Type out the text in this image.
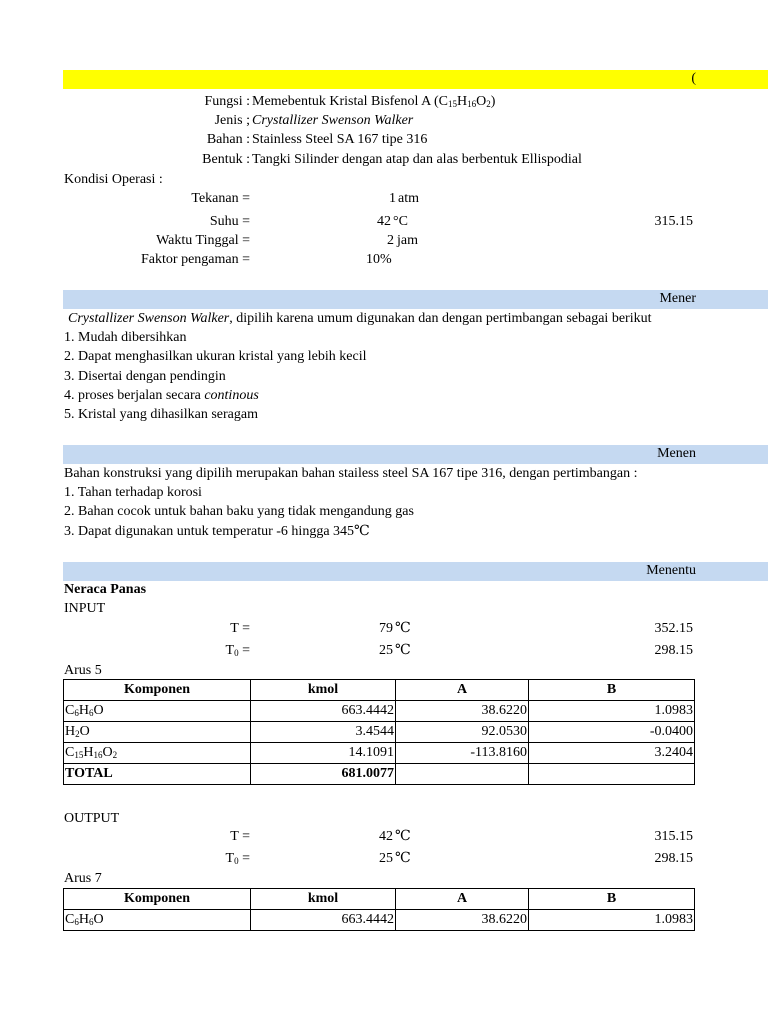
(
Fungsi : Memebentuk Kristal Bisfenol A $(C_{15}H_{16}O_2)$
Jenis ; Crystallizer Swenson Walker
Bahan : Stainless Steel SA 167 tipe 316
Bentuk : Tangki Silinder dengan atap dan alas berbentuk Ellispodial
Kondisi Operasi :
Tekanan =	1 atm
Suhu =	42 °C	315.15
Waktu Tinggal =	2 jam
Faktor pengaman =	10%
Mener
Crystallizer Swenson Walker, dipilih karena umum digunakan dan dengan pertimbangan sebagai berikut
1. Mudah dibersihkan
2. Dapat menghasilkan ukuran kristal yang lebih kecil
3. Disertai dengan pendingin
4. proses berjalan secara continous
5. Kristal yang dihasilkan seragam
Menen
Bahan konstruksi yang dipilih merupakan bahan stailess steel SA 167 tipe 316, dengan pertimbangan :
1. Tahan terhadap korosi
2. Bahan cocok untuk bahan baku yang tidak mengandung gas
3. Dapat digunakan untuk temperatur -6 hingga 345℃
Menentu
Neraca Panas
INPUT
T =	79 ℃	352.15
$T_0$ =	25 ℃	298.15
Arus 5
Komponen	kmol	A	B
$C_6H_6O$	663.4442	38.6220	1.0983
$H_2O$	3.4544	92.0530	-0.0400
$C_{15}H_{16}O_2$	14.1091	-113.8160	3.2404
TOTAL	681.0077		
OUTPUT
T =	42 ℃	315.15
$T_0$ =	25 ℃	298.15
Arus 7
Komponen	kmol	A	B
$C_6H_6O$	663.4442	38.6220	1.0983
